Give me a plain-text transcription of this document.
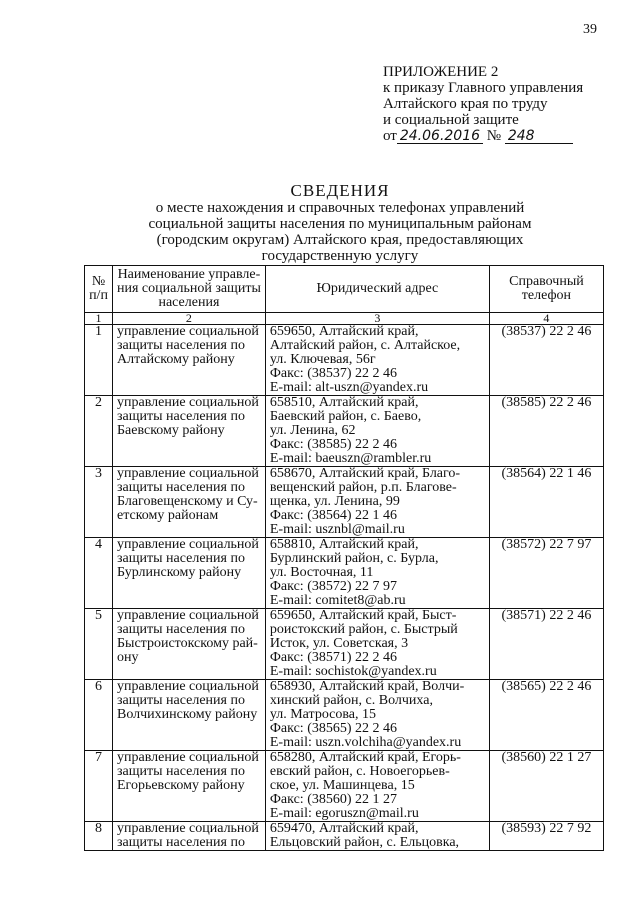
39
ПРИЛОЖЕНИЕ 2
к приказу Главного управления
Алтайского края по труду
и социальной защите
от 24.06.2016 № 248
СВЕДЕНИЯ
о месте нахождения и справочных телефонах управлений
социальной защиты населения по муниципальным районам
(городским округам) Алтайского края, предоставляющих
государственную услугу
№
п/п	Наименование управле-
ния социальной защиты
населения	Юридический адрес	Справочный
телефон

1	2	3	4
1	управление социальной
защиты населения по
Алтайскому району	659650, Алтайский край,
Алтайский район, с. Алтайское,
ул. Ключевая, 56г
Факс: (38537) 22 2 46
E-mail: alt-uszn@yandex.ru	(38537) 22 2 46
2	управление социальной
защиты населения по
Баевскому району	658510, Алтайский край,
Баевский район, с. Баево,
ул. Ленина, 62
Факс: (38585) 22 2 46
E-mail: baeuszn@rambler.ru	(38585) 22 2 46
3	управление социальной
защиты населения по
Благовещенскому и Су-
етскому районам	658670, Алтайский край, Благо-
вещенский район, р.п. Благове-
щенка, ул. Ленина, 99
Факс: (38564) 22 1 46
E-mail: usznbl@mail.ru	(38564) 22 1 46
4	управление социальной
защиты населения по
Бурлинскому району	658810, Алтайский край,
Бурлинский район, с. Бурла,
ул. Восточная, 11
Факс: (38572) 22 7 97
E-mail: comitet8@ab.ru	(38572) 22 7 97
5	управление социальной
защиты населения по
Быстроистокскому рай-
ону	659650, Алтайский край, Быст-
роистокский район, с. Быстрый
Исток, ул. Советская, 3
Факс: (38571) 22 2 46
E-mail: sochistok@yandex.ru	(38571) 22 2 46
6	управление социальной
защиты населения по
Волчихинскому району	658930, Алтайский край, Волчи-
хинский район, с. Волчиха,
ул. Матросова, 15
Факс: (38565) 22 2 46
E-mail: uszn.volchiha@yandex.ru	(38565) 22 2 46
7	управление социальной
защиты населения по
Егорьевскому району	658280, Алтайский край, Егорь-
евский район, с. Новоегорьев-
ское, ул. Машинцева, 15
Факс: (38560) 22 1 27
E-mail: egoruszn@mail.ru	(38560) 22 1 27
8	управление социальной
защиты населения по	659470, Алтайский край,
Ельцовский район, с. Ельцовка,	(38593) 22 7 92
